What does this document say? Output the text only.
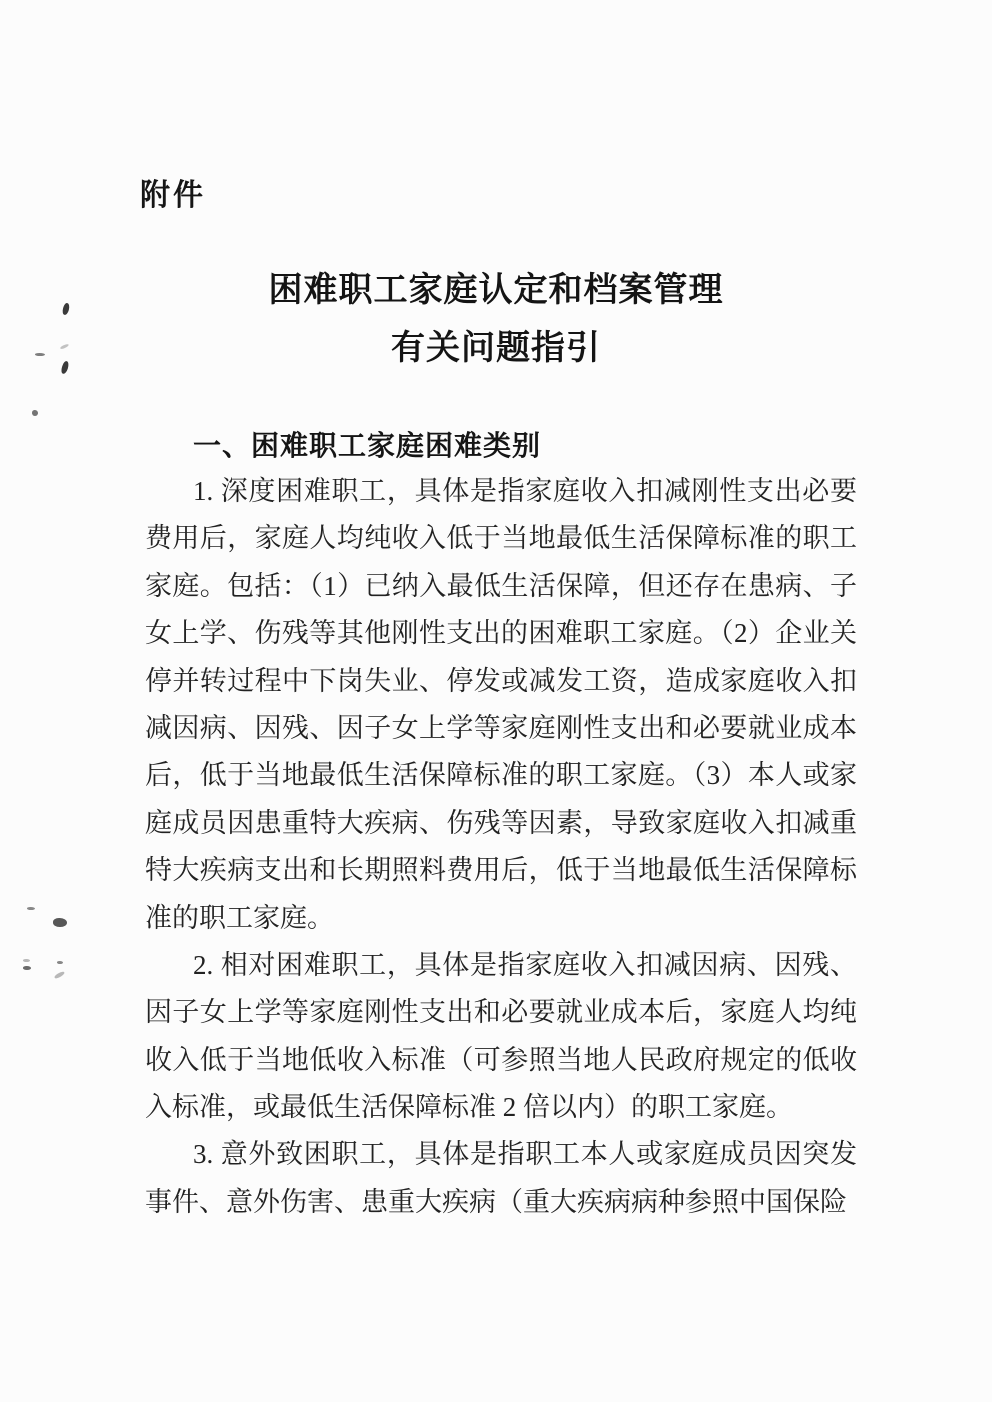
附件
困难职工家庭认定和档案管理
有关问题指引
一、困难职工家庭困难类别
1. 深度困难职工，具体是指家庭收入扣减刚性支出必要
费用后，家庭人均纯收入低于当地最低生活保障标准的职工
家庭。包括：（1）已纳入最低生活保障，但还存在患病、子
女上学、伤残等其他刚性支出的困难职工家庭。（2）企业关
停并转过程中下岗失业、停发或减发工资，造成家庭收入扣
减因病、因残、因子女上学等家庭刚性支出和必要就业成本
后，低于当地最低生活保障标准的职工家庭。（3）本人或家
庭成员因患重特大疾病、伤残等因素，导致家庭收入扣减重
特大疾病支出和长期照料费用后，低于当地最低生活保障标
准的职工家庭。
2. 相对困难职工，具体是指家庭收入扣减因病、因残、
因子女上学等家庭刚性支出和必要就业成本后，家庭人均纯
收入低于当地低收入标准（可参照当地人民政府规定的低收
入标准，或最低生活保障标准 2 倍以内）的职工家庭。
3. 意外致困职工，具体是指职工本人或家庭成员因突发
事件、意外伤害、患重大疾病（重大疾病病种参照中国保险
